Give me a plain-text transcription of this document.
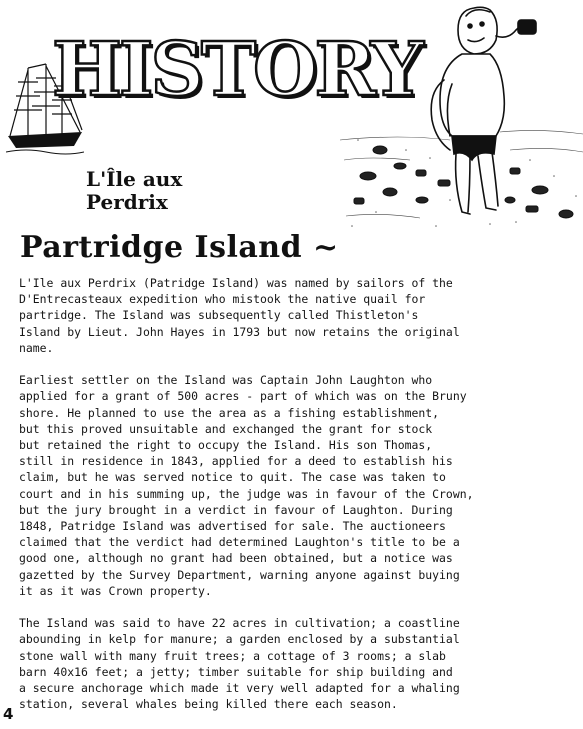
HISTORY
L'Île aux
Perdrix
Partridge Island ~

L'Ile aux Perdrix (Patridge Island) was named by sailors of the
D'Entrecasteaux expedition who mistook the native quail for
partridge. The Island was subsequently called Thistleton's
Island by Lieut. John Hayes in 1793 but now retains the original
name.

Earliest settler on the Island was Captain John Laughton who
applied for a grant of 500 acres - part of which was on the Bruny
shore. He planned to use the area as a fishing establishment,
but this proved unsuitable and exchanged the grant for stock
but retained the right to occupy the Island. His son Thomas,
still in residence in 1843, applied for a deed to establish his
claim, but he was served notice to quit. The case was taken to
court and in his summing up, the judge was in favour of the Crown,
but the jury brought in a verdict in favour of Laughton. During
1848, Patridge Island was advertised for sale. The auctioneers
claimed that the verdict had determined Laughton's title to be a
good one, although no grant had been obtained, but a notice was
gazetted by the Survey Department, warning anyone against buying
it as it was Crown property.

The Island was said to have 22 acres in cultivation; a coastline
abounding in kelp for manure; a garden enclosed by a substantial
stone wall with many fruit trees; a cottage of 3 rooms; a slab
barn 40x16 feet; a jetty; timber suitable for ship building and
a secure anchorage which made it very well adapted for a whaling
station, several whales being killed there each season.

4
